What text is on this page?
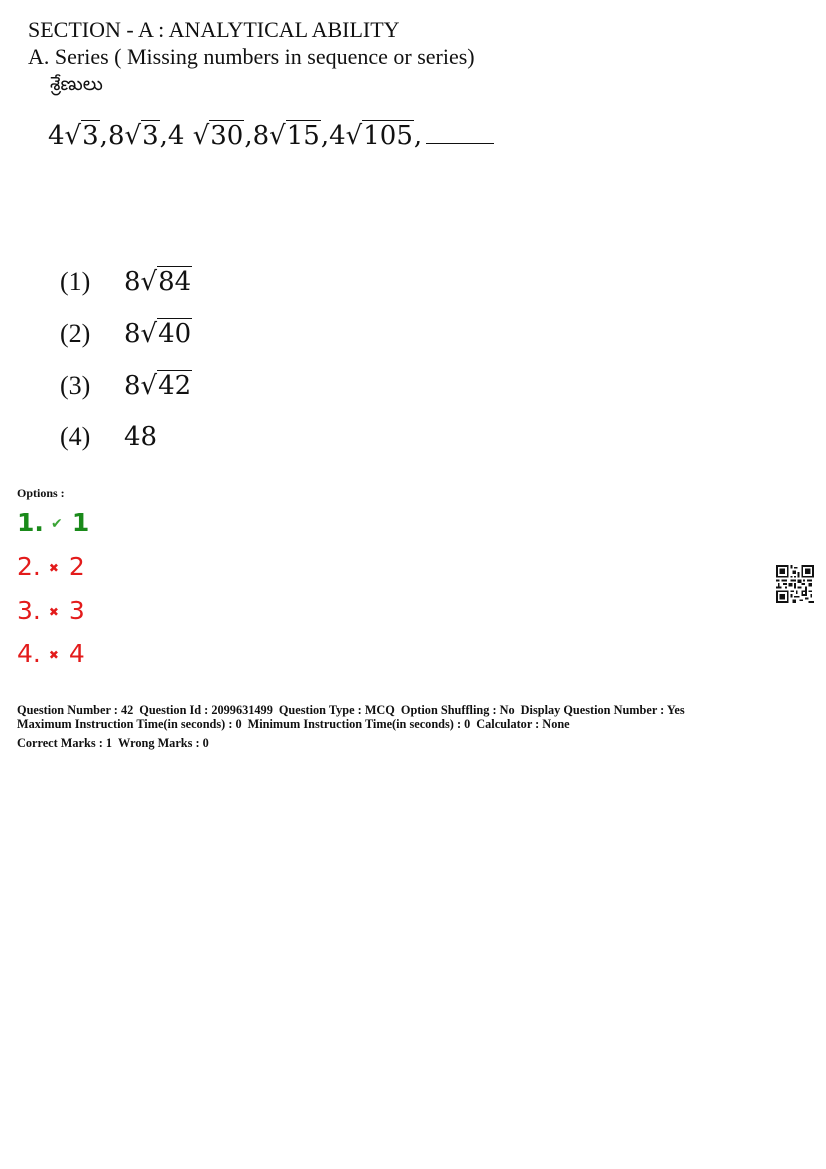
SECTION - A : ANALYTICAL ABILITY
A. Series ( Missing numbers in sequence or series)
శ్రేణులు
4√3,8√3,4 √30,8√15,4√105,
(1) 8√84
(2) 8√40
(3) 8√42
(4) 48
Options :
1. ✔ 1
2. ✖ 2
3. ✖ 3
4. ✖ 4
Question Number : 42 Question Id : 2099631499 Question Type : MCQ Option Shuffling : No Display Question Number : Yes
Maximum Instruction Time(in seconds) : 0 Minimum Instruction Time(in seconds) : 0 Calculator : None
Correct Marks : 1 Wrong Marks : 0
